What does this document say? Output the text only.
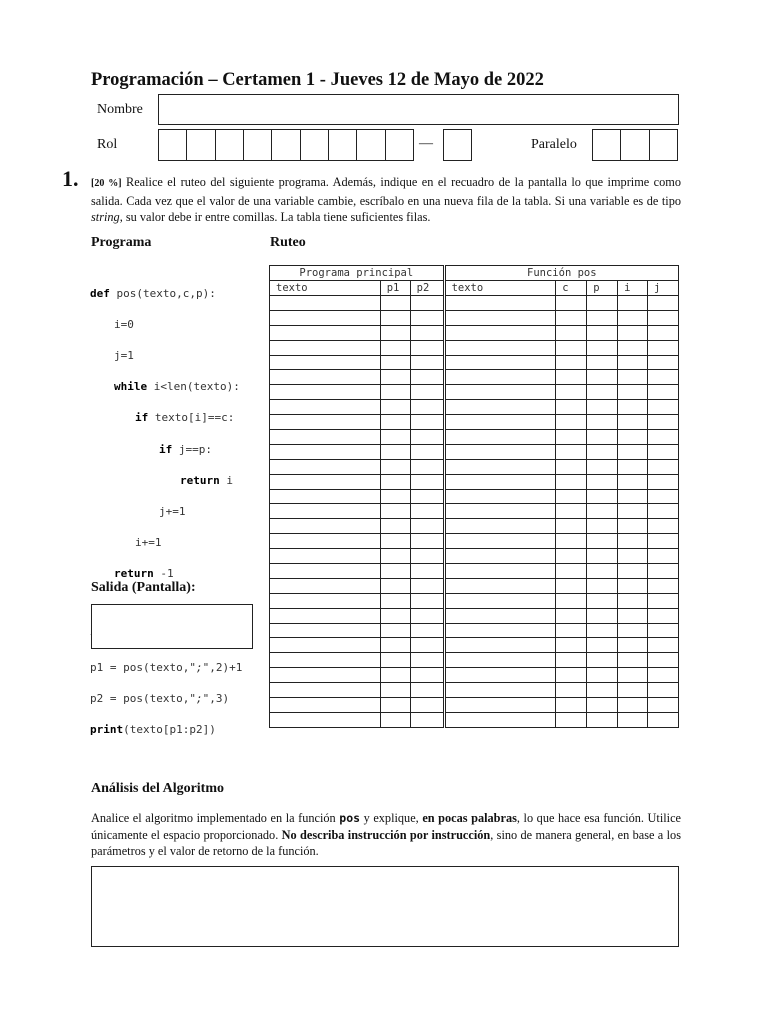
Programación – Certamen 1 - Jueves 12 de Mayo de 2022
Nombre
Rol	—	Paralelo
1. [20 %] Realice el ruteo del siguiente programa. Además, indique en el recuadro de la pantalla lo que imprime como salida. Cada vez que el valor de una variable cambie, escríbalo en una nueva fila de la tabla. Si una variable es de tipo string, su valor debe ir entre comillas. La tabla tiene suficientes filas.
Programa	Ruteo

def pos(texto,c,p):

i=0

j=1

while i<len(texto):

if texto[i]==c:

if j==p:

return i

j+=1

i+=1

return -1

p1 = pos(texto,";",2)+1

p2 = pos(texto,";",3)

print(texto[p1:p2])

Programa principal			Función pos				
texto	p1	p2	texto	c	p	i	j

Salida (Pantalla):
Análisis del Algoritmo
Analice el algoritmo implementado en la función pos y explique, en pocas palabras, lo que hace esa función. Utilice únicamente el espacio proporcionado. No describa instrucción por instrucción, sino de manera general, en base a los parámetros y el valor de retorno de la función.
